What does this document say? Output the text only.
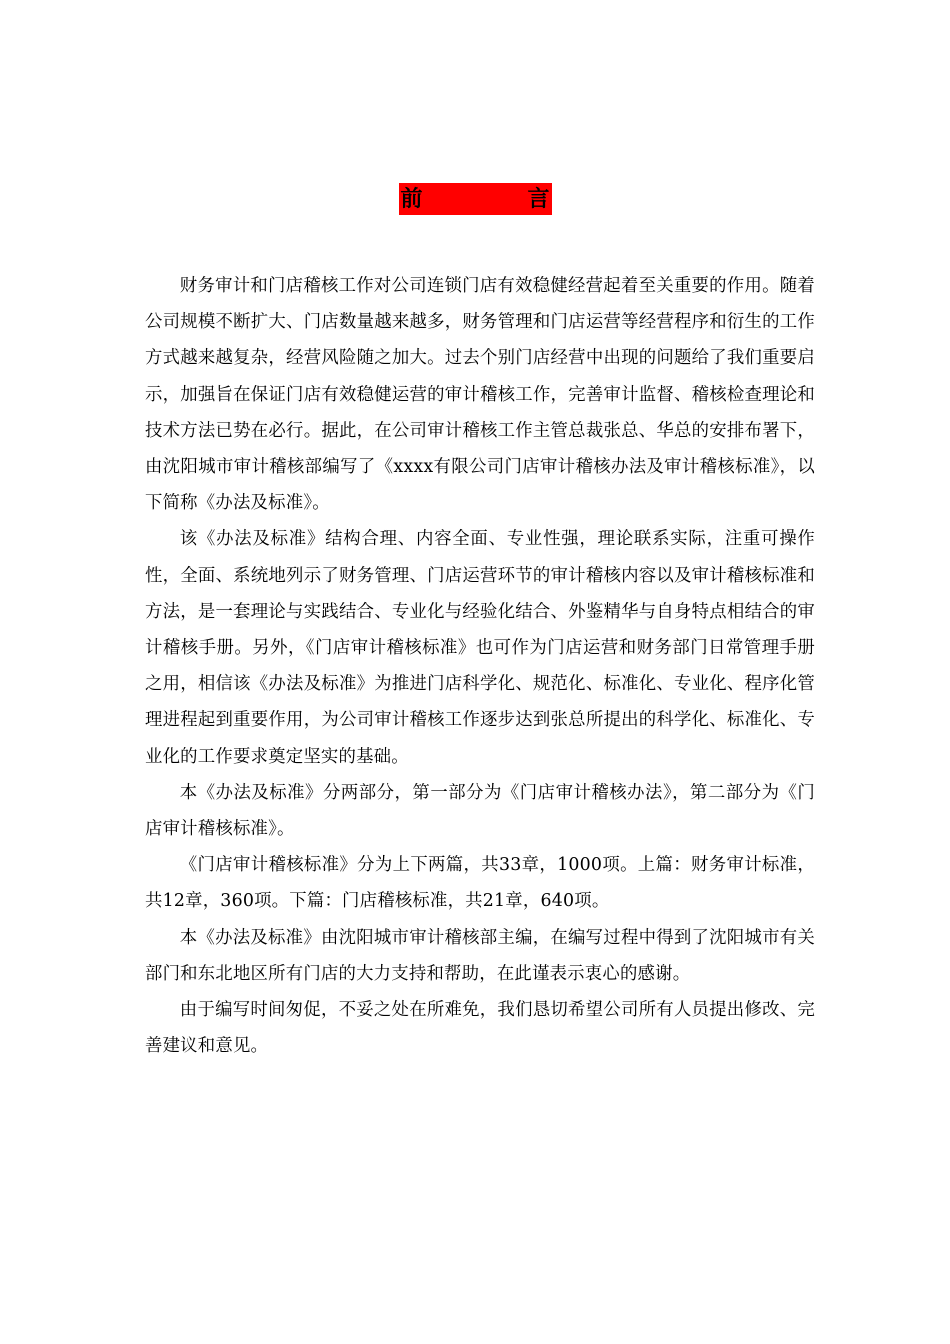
前	言

财务审计和门店稽核工作对公司连锁门店有效稳健经营起着至关重要的作用。随着公司规模不断扩大、门店数量越来越多，财务管理和门店运营等经营程序和衍生的工作方式越来越复杂，经营风险随之加大。过去个别门店经营中出现的问题给了我们重要启示，加强旨在保证门店有效稳健运营的审计稽核工作，完善审计监督、稽核检查理论和技术方法已势在必行。据此，在公司审计稽核工作主管总裁张总、华总的安排布署下，由沈阳城市审计稽核部编写了《xxxx有限公司门店审计稽核办法及审计稽核标准》，以下简称《办法及标准》。

该《办法及标准》结构合理、内容全面、专业性强，理论联系实际，注重可操作性，全面、系统地列示了财务管理、门店运营环节的审计稽核内容以及审计稽核标准和方法，是一套理论与实践结合、专业化与经验化结合、外鉴精华与自身特点相结合的审计稽核手册。另外，《门店审计稽核标准》也可作为门店运营和财务部门日常管理手册之用，相信该《办法及标准》为推进门店科学化、规范化、标准化、专业化、程序化管理进程起到重要作用，为公司审计稽核工作逐步达到张总所提出的科学化、标准化、专业化的工作要求奠定坚实的基础。

本《办法及标准》分两部分，第一部分为《门店审计稽核办法》，第二部分为《门店审计稽核标准》。

《门店审计稽核标准》分为上下两篇，共33章，1000项。上篇：财务审计标准，共12章，360项。下篇：门店稽核标准，共21章，640项。

本《办法及标准》由沈阳城市审计稽核部主编，在编写过程中得到了沈阳城市有关部门和东北地区所有门店的大力支持和帮助，在此谨表示衷心的感谢。

由于编写时间匆促，不妥之处在所难免，我们恳切希望公司所有人员提出修改、完善建议和意见。
